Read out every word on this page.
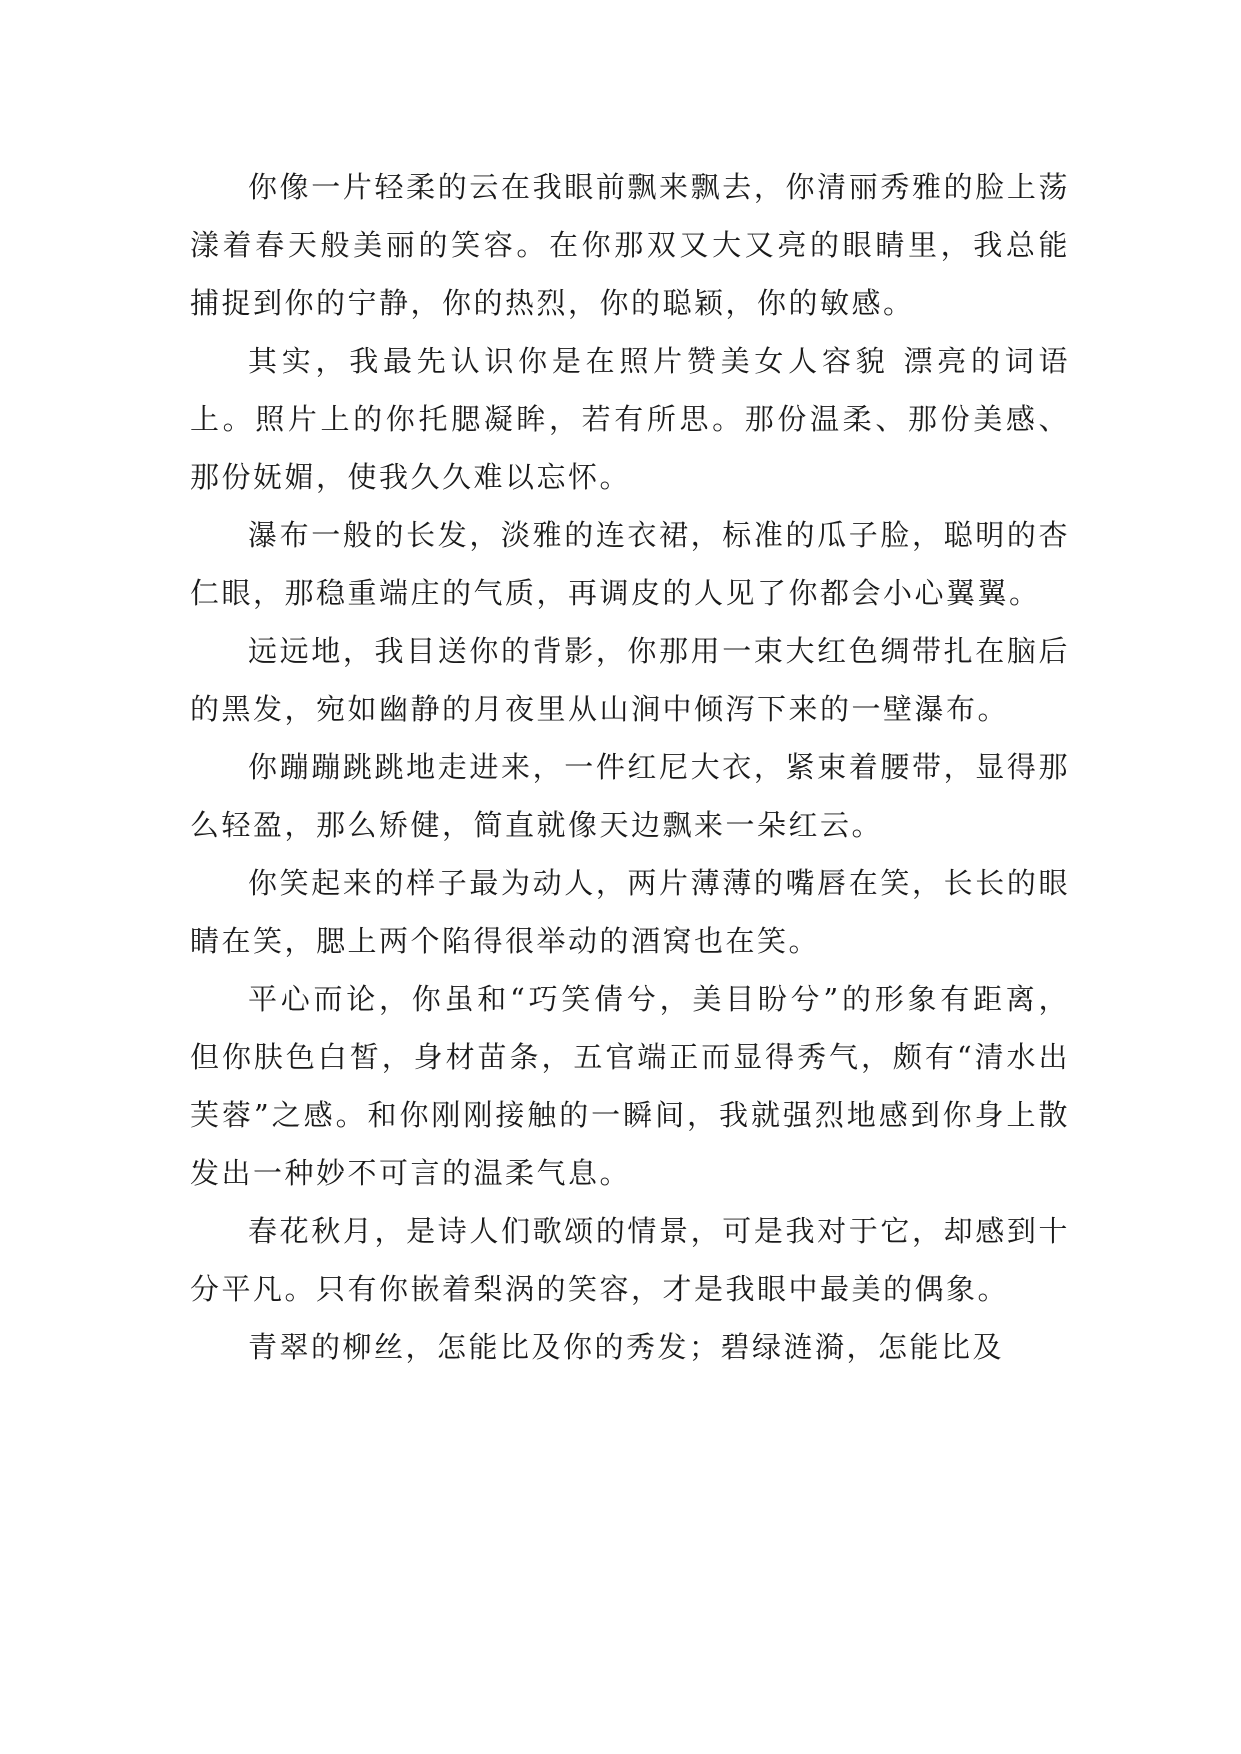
你像一片轻柔的云在我眼前飘来飘去，你清丽秀雅的脸上荡漾着春天般美丽的笑容。在你那双又大又亮的眼睛里，我总能捕捉到你的宁静，你的热烈，你的聪颖，你的敏感。

其实，我最先认识你是在照片赞美女人容貌 漂亮的词语 上。照片上的你托腮凝眸，若有所思。那份温柔、那份美感、那份妩媚，使我久久难以忘怀。

瀑布一般的长发，淡雅的连衣裙，标准的瓜子脸，聪明的杏仁眼，那稳重端庄的气质，再调皮的人见了你都会小心翼翼。

远远地，我目送你的背影，你那用一束大红色绸带扎在脑后的黑发，宛如幽静的月夜里从山涧中倾泻下来的一壁瀑布。

你蹦蹦跳跳地走进来，一件红尼大衣，紧束着腰带，显得那么轻盈，那么矫健，简直就像天边飘来一朵红云。

你笑起来的样子最为动人，两片薄薄的嘴唇在笑，长长的眼睛在笑，腮上两个陷得很举动的酒窝也在笑。

平心而论，你虽和“巧笑倩兮，美目盼兮”的形象有距离，但你肤色白皙，身材苗条，五官端正而显得秀气，颇有“清水出芙蓉”之感。和你刚刚接触的一瞬间，我就强烈地感到你身上散发出一种妙不可言的温柔气息。

春花秋月，是诗人们歌颂的情景，可是我对于它，却感到十分平凡。只有你嵌着梨涡的笑容，才是我眼中最美的偶象。

青翠的柳丝，怎能比及你的秀发；碧绿涟漪，怎能比及
